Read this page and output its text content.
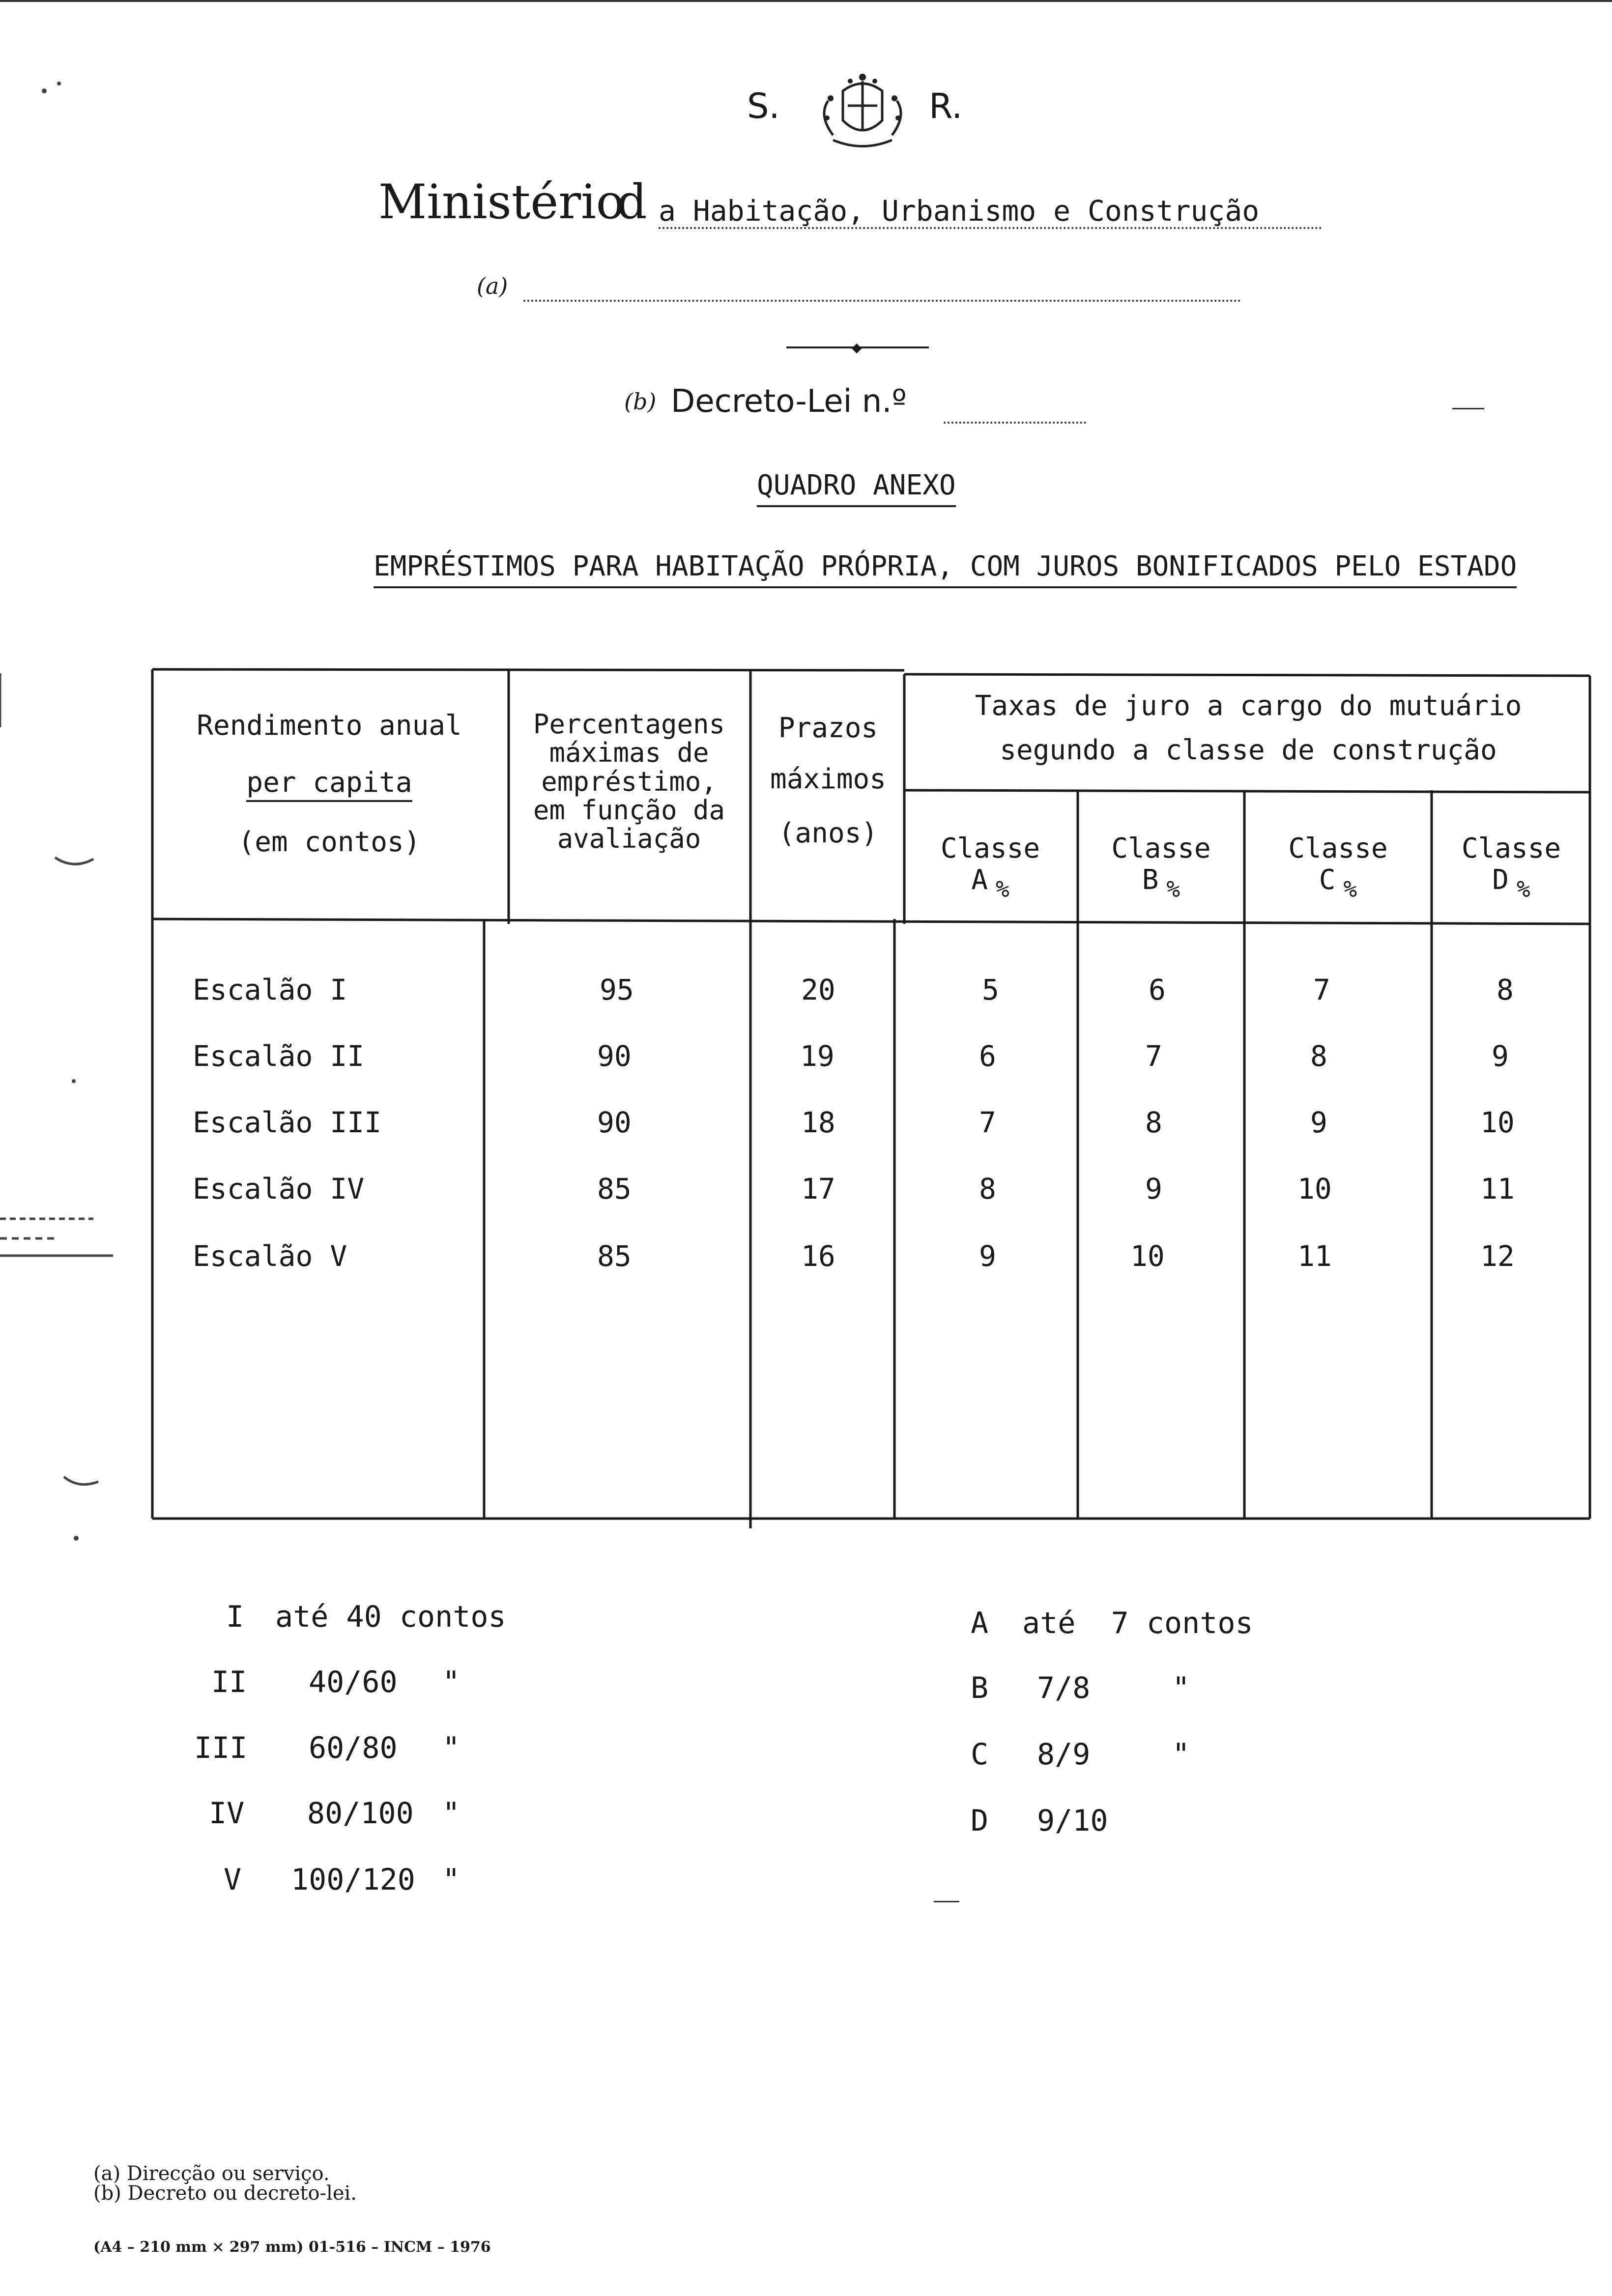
S.	R.
Ministério
d a Habitação, Urbanismo e Construção
(a)
◆
(b) Decreto-Lei n.º
QUADRO ANEXO
EMPRÉSTIMOS PARA HABITAÇÃO PRÓPRIA, COM JUROS BONIFICADOS PELO ESTADO
Rendimento anual
per capita
(em contos)
Percentagens
máximas de
empréstimo,
em função da
avaliação
Prazos
máximos
(anos)
Taxas de juro a cargo do mutuário
segundo a classe de construção
Classe
A $_{\%}$
Classe
B $_{\%}$
Classe
C $_{\%}$
Classe
D $_{\%}$
Escalão I	95	20	5	6	7	8
Escalão II	90	19	6	7	8	9
Escalão III	90	18	7	8	9	10
Escalão IV	85	17	8	9	10	11
Escalão V	85	16	9	10	11	12
I até 40 contos
II 40/60 "
III 60/80 "
IV 80/100 "
V 100/120 "
A até  7 contos
B 7/8	"
C 8/9	"
D 9/10
(a) Direcção ou serviço.
(b) Decreto ou decreto-lei.
(A4 – 210 mm × 297 mm) 01-516 – INCM – 1976
